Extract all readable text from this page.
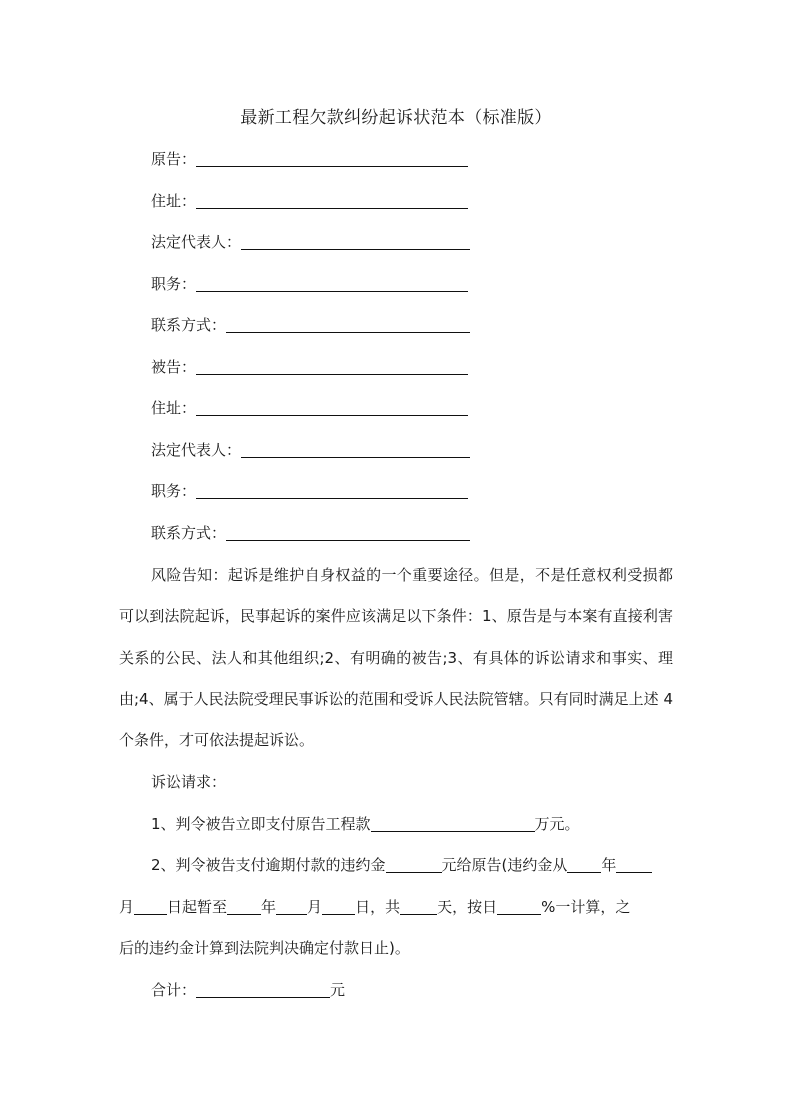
最新工程欠款纠纷起诉状范本（标准版）
原告：
住址：
法定代表人：
职务：
联系方式：
被告：
住址：
法定代表人：
职务：
联系方式：
风险告知：起诉是维护自身权益的一个重要途径。但是，不是任意权利受损都可以到法院起诉，民事起诉的案件应该满足以下条件：1、原告是与本案有直接利害关系的公民、法人和其他组织;2、有明确的被告;3、有具体的诉讼请求和事实、理由;4、属于人民法院受理民事诉讼的范围和受诉人民法院管辖。只有同时满足上述 4 个条件，才可依法提起诉讼。
诉讼请求：
1、判令被告立即支付原告工程款	万元。
2、判令被告支付逾期付款的违约金	元给原告(违约金从 年
月 日起暂至 年 月 日，共 天，按日	%一计算，之
后的违约金计算到法院判决确定付款日止)。
合计：	元
